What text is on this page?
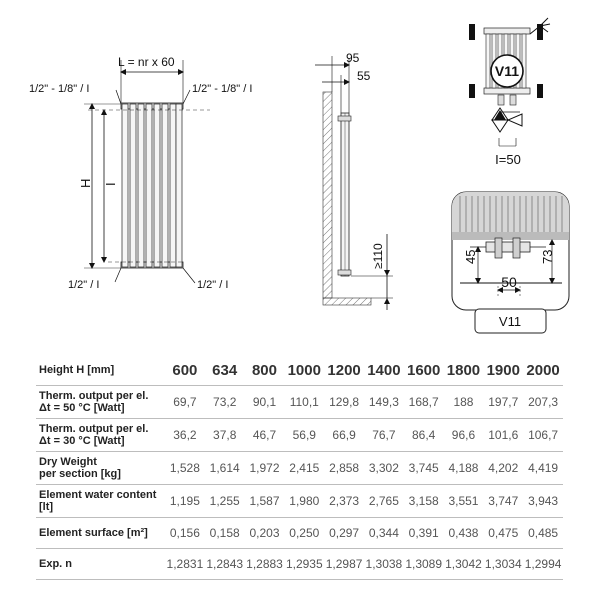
L = nr x 60
H I
1/2" - 1/8" / I	1/2" - 1/8" / I
1/2" / I	1/2" / I
95
55
≥110
V11
I=50
45	73
50
V11
Height H [mm]	600	634	800	1000	1200	1400	1600	1800	1900	2000

Therm. output per el.
Δt = 50 °C [Watt]	69,7	73,2	90,1	110,1	129,8	149,3	168,7	188	197,7	207,3

Therm. output per el.
Δt = 30 °C [Watt]	36,2	37,8	46,7	56,9	66,9	76,7	86,4	96,6	101,6	106,7

Dry Weight
per section [kg]	1,528	1,614	1,972	2,415	2,858	3,302	3,745	4,188	4,202	4,419

Element water content
[lt]	1,195	1,255	1,587	1,980	2,373	2,765	3,158	3,551	3,747	3,943

Element surface [m²]	0,156	0,158	0,203	0,250	0,297	0,344	0,391	0,438	0,475	0,485

Exp. n	1,2831	1,2843	1,2883	1,2935	1,2987	1,3038	1,3089	1,3042	1,3034	1,2994
